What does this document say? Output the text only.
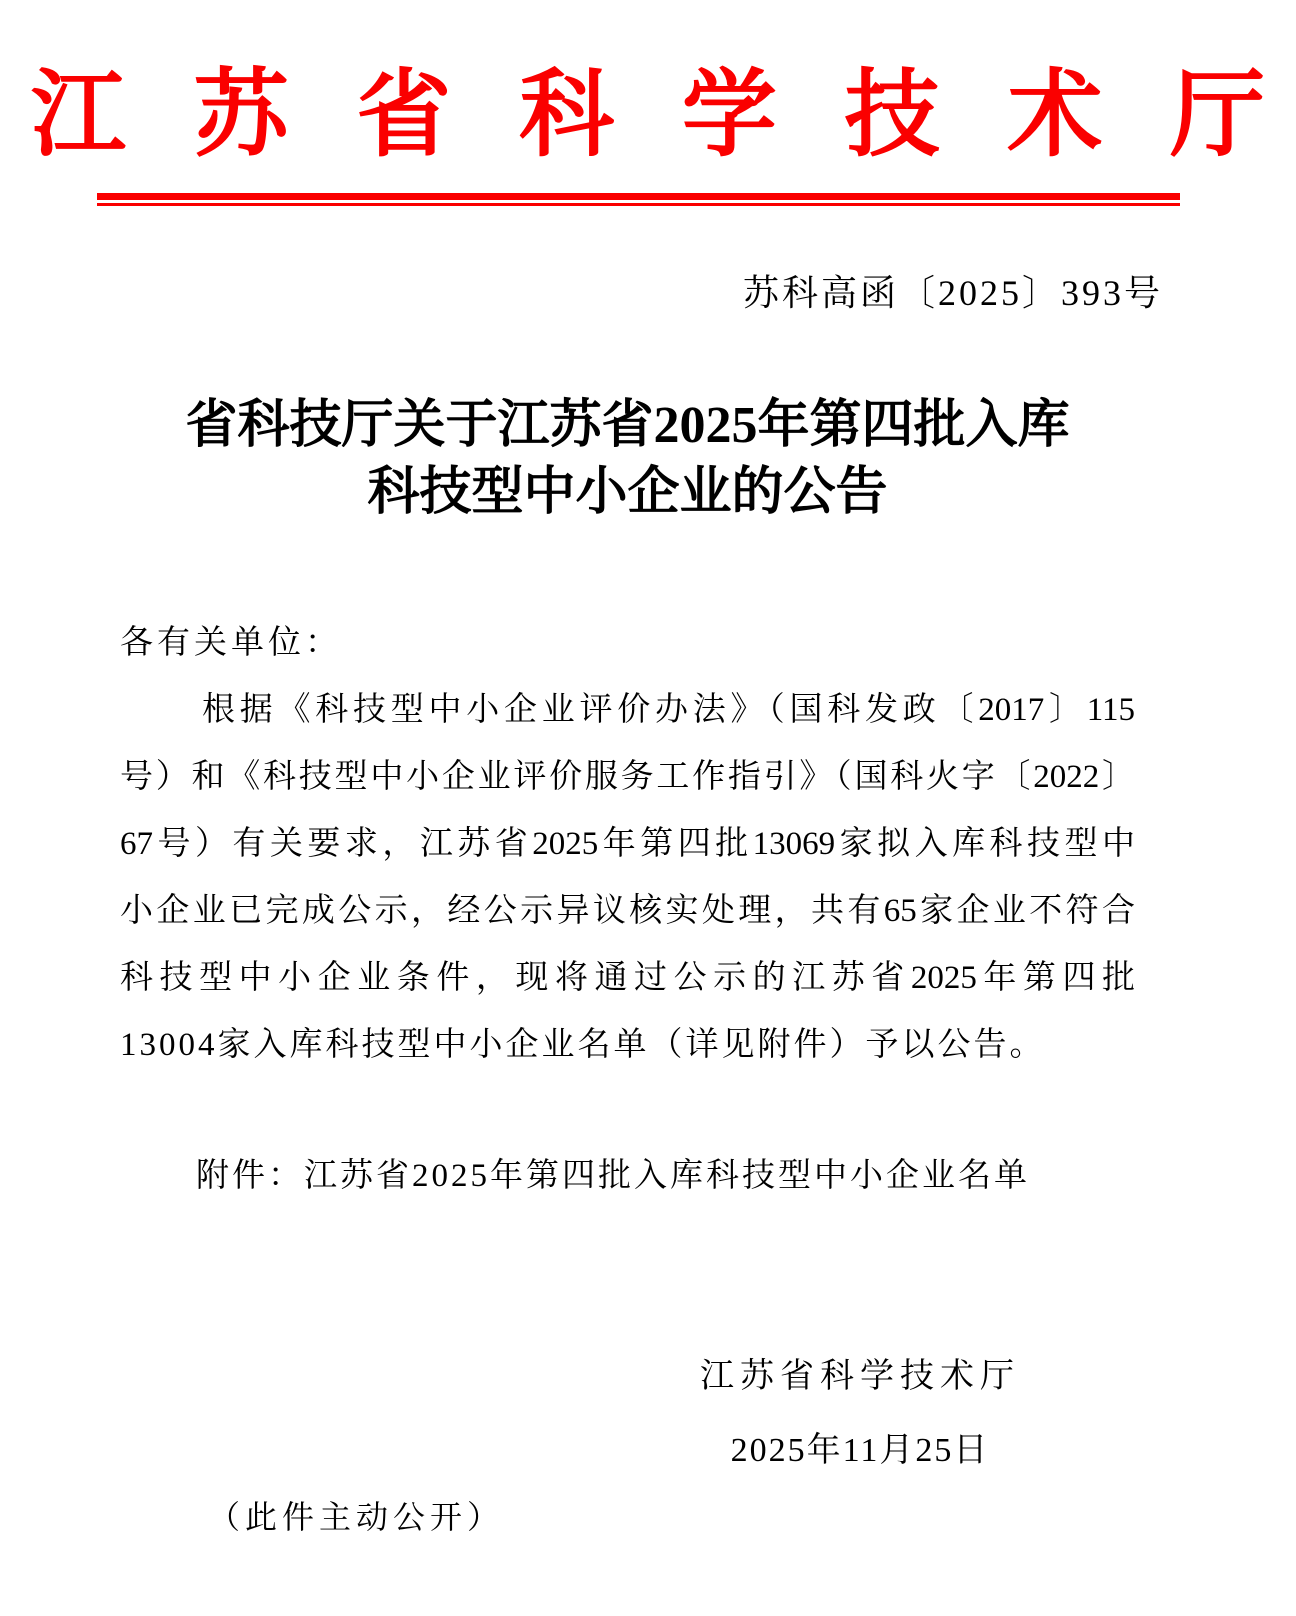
江 苏 省 科 学 技 术 厅
苏科高函〔2025〕393号
省科技厅关于江苏省2025年第四批入库
科技型中小企业的公告
各有关单位：
根据《科技型中小企业评价办法》（国科发政〔2017〕115
号）和《科技型中小企业评价服务工作指引》（国科火字〔2022〕
67号）有关要求，江苏省2025年第四批13069家拟入库科技型中
小企业已完成公示，经公示异议核实处理，共有65家企业不符合
科技型中小企业条件，现将通过公示的江苏省2025年第四批
13004家入库科技型中小企业名单（详见附件）予以公告。
附件：江苏省2025年第四批入库科技型中小企业名单
江苏省科学技术厅
2025年11月25日
（此件主动公开）
